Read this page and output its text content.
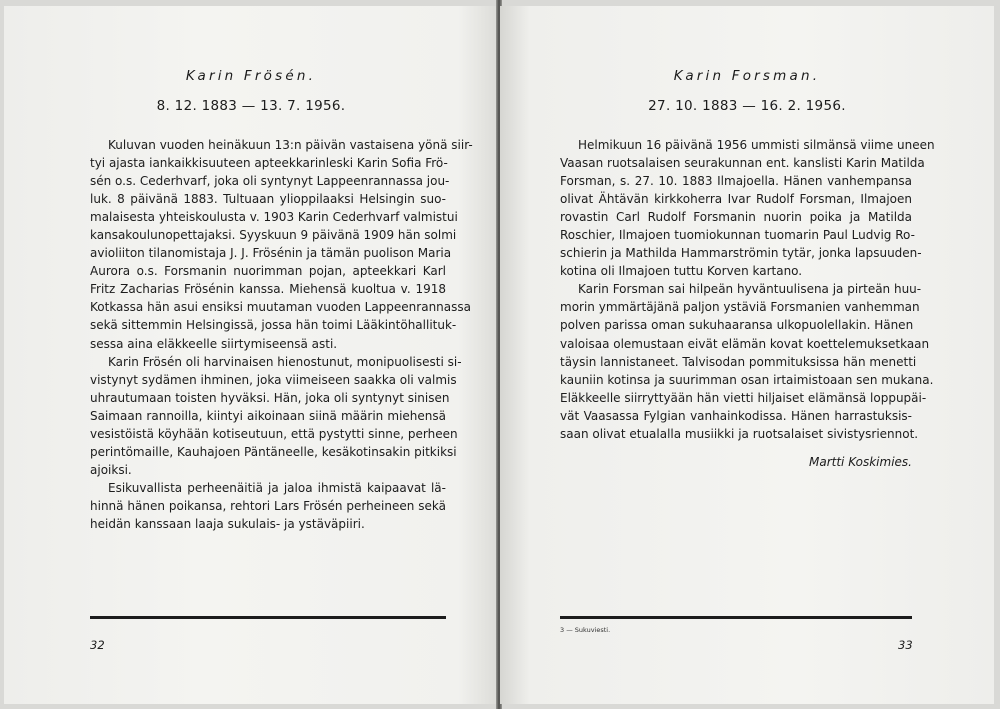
Karin Frösén.
8. 12. 1883 — 13. 7. 1956.
Kuluvan vuoden heinäkuun 13:n päivän vastaisena yönä siir-
tyi ajasta iankaikkisuuteen apteekkarinleski Karin Sofia Frö-
sén o.s. Cederhvarf, joka oli syntynyt Lappeenrannassa jou-
luk. 8 päivänä 1883. Tultuaan ylioppilaaksi Helsingin suo-
malaisesta yhteiskoulusta v. 1903 Karin Cederhvarf valmistui
kansakoulunopettajaksi. Syyskuun 9 päivänä 1909 hän solmi
avioliiton tilanomistaja J. J. Frösénin ja tämän puolison Maria
Aurora o.s. Forsmanin nuorimman pojan, apteekkari Karl
Fritz Zacharias Frösénin kanssa. Miehensä kuoltua v. 1918
Kotkassa hän asui ensiksi muutaman vuoden Lappeenrannassa
sekä sittemmin Helsingissä, jossa hän toimi Lääkintöhallituk-
sessa aina eläkkeelle siirtymiseensä asti.
Karin Frösén oli harvinaisen hienostunut, monipuolisesti si-
vistynyt sydämen ihminen, joka viimeiseen saakka oli valmis
uhrautumaan toisten hyväksi. Hän, joka oli syntynyt sinisen
Saimaan rannoilla, kiintyi aikoinaan siinä määrin miehensä
vesistöistä köyhään kotiseutuun, että pystytti sinne, perheen
perintömaille, Kauhajoen Päntäneelle, kesäkotinsakin pitkiksi
ajoiksi.
Esikuvallista perheenäitiä ja jaloa ihmistä kaipaavat lä-
hinnä hänen poikansa, rehtori Lars Frösén perheineen sekä
heidän kanssaan laaja sukulais- ja ystäväpiiri.
32
Karin Forsman.
27. 10. 1883 — 16. 2. 1956.
Helmikuun 16 päivänä 1956 ummisti silmänsä viime uneen
Vaasan ruotsalaisen seurakunnan ent. kanslisti Karin Matilda
Forsman, s. 27. 10. 1883 Ilmajoella. Hänen vanhempansa
olivat Ähtävän kirkkoherra Ivar Rudolf Forsman, Ilmajoen
rovastin Carl Rudolf Forsmanin nuorin poika ja Matilda
Roschier, Ilmajoen tuomiokunnan tuomarin Paul Ludvig Ro-
schierin ja Mathilda Hammarströmin tytär, jonka lapsuuden-
kotina oli Ilmajoen tuttu Korven kartano.
Karin Forsman sai hilpeän hyväntuulisena ja pirteän huu-
morin ymmärtäjänä paljon ystäviä Forsmanien vanhemman
polven parissa oman sukuhaaransa ulkopuolellakin. Hänen
valoisaa olemustaan eivät elämän kovat koettelemuksetkaan
täysin lannistaneet. Talvisodan pommituksissa hän menetti
kauniin kotinsa ja suurimman osan irtaimistoaan sen mukana.
Eläkkeelle siirryttyään hän vietti hiljaiset elämänsä loppupäi-
vät Vaasassa Fylgian vanhainkodissa. Hänen harrastuksis-
saan olivat etualalla musiikki ja ruotsalaiset sivistysriennot.
Martti Koskimies.
3 — Sukuviesti.
33
